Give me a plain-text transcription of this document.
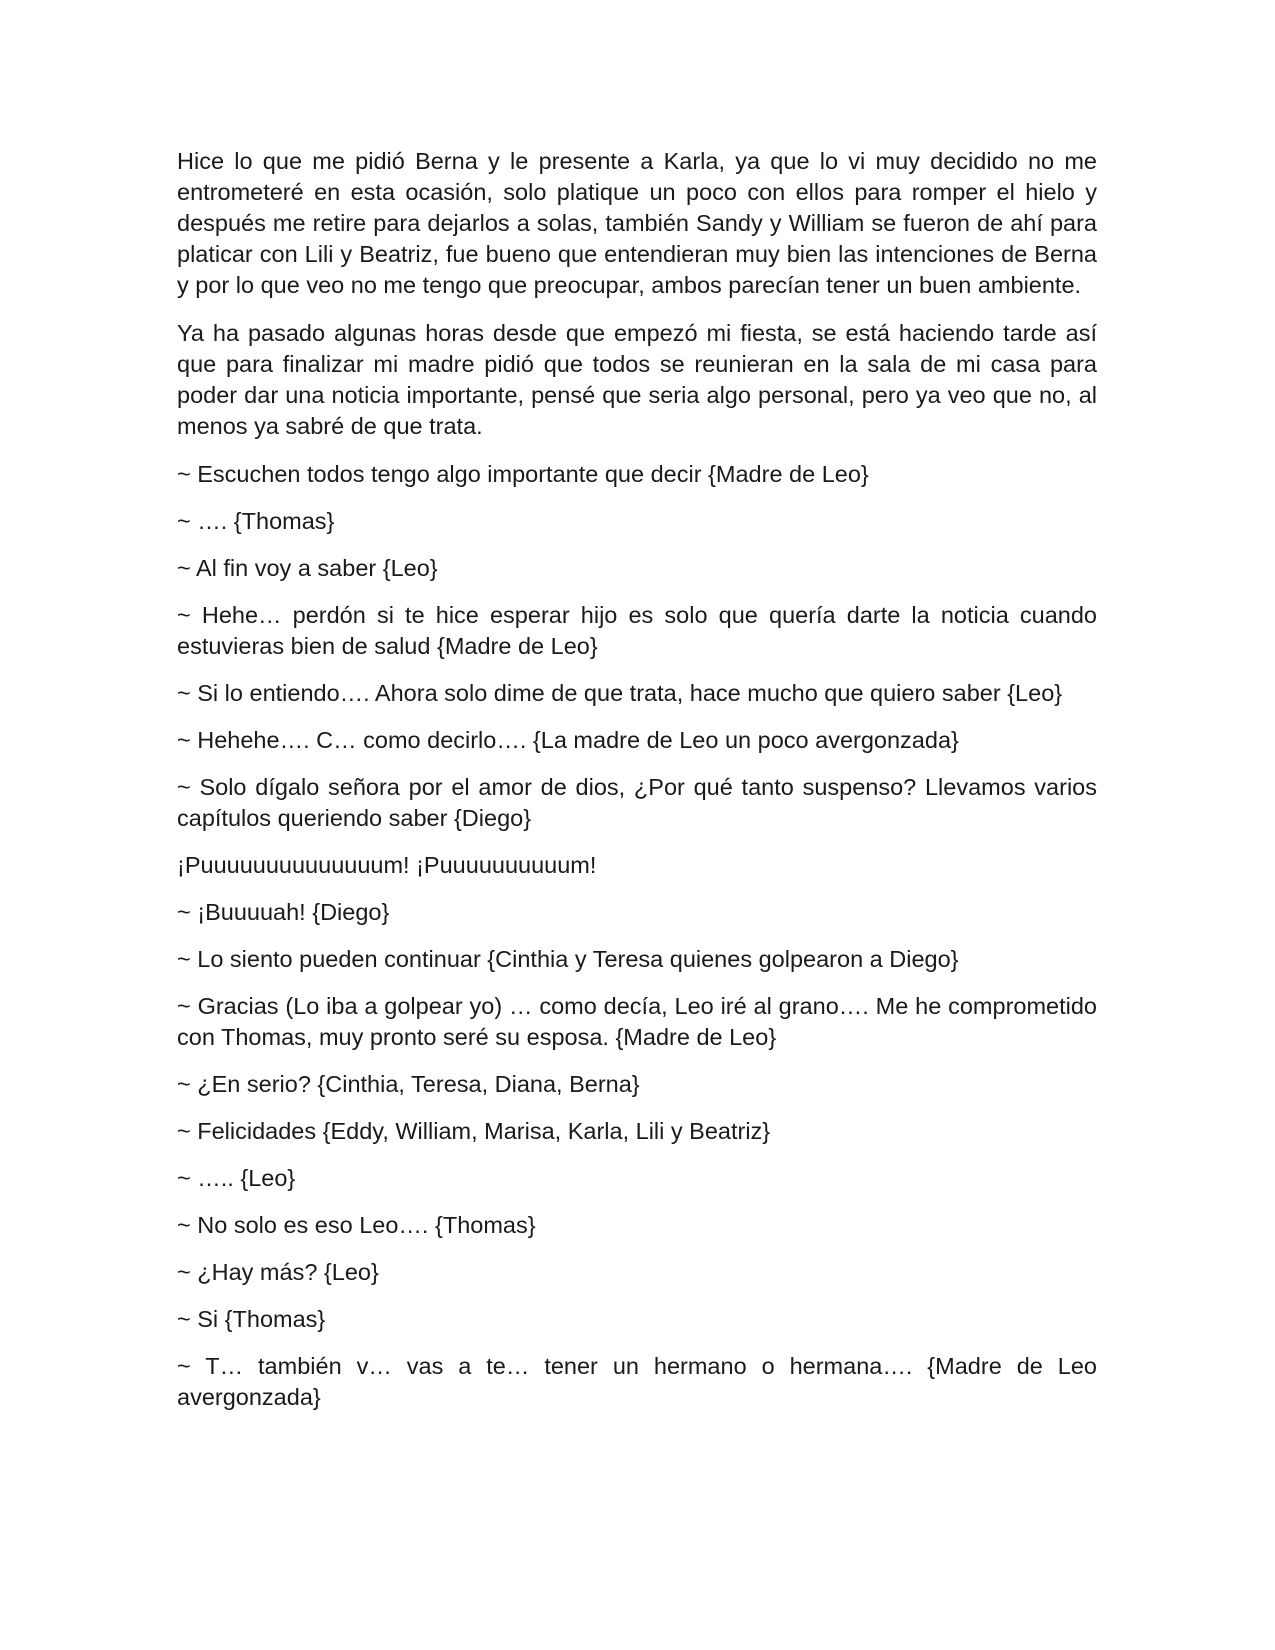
Hice lo que me pidió Berna y le presente a Karla, ya que lo vi muy decidido no me entrometeré en esta ocasión, solo platique un poco con ellos para romper el hielo y después me retire para dejarlos a solas, también Sandy y William se fueron de ahí para platicar con Lili y Beatriz, fue bueno que entendieran muy bien las intenciones de Berna y por lo que veo no me tengo que preocupar, ambos parecían tener un buen ambiente.

Ya ha pasado algunas horas desde que empezó mi fiesta, se está haciendo tarde así que para finalizar mi madre pidió que todos se reunieran en la sala de mi casa para poder dar una noticia importante, pensé que seria algo personal, pero ya veo que no, al menos ya sabré de que trata.

~ Escuchen todos tengo algo importante que decir {Madre de Leo}

~ …. {Thomas}

~ Al fin voy a saber {Leo}

~ Hehe… perdón si te hice esperar hijo es solo que quería darte la noticia cuando estuvieras bien de salud {Madre de Leo}

~ Si lo entiendo…. Ahora solo dime de que trata, hace mucho que quiero saber {Leo}

~ Hehehe…. C… como decirlo…. {La madre de Leo un poco avergonzada}

~ Solo dígalo señora por el amor de dios, ¿Por qué tanto suspenso? Llevamos varios capítulos queriendo saber {Diego}

¡Puuuuuuuuuuuuuum! ¡Puuuuuuuuuum!

~ ¡Buuuuah! {Diego}

~ Lo siento pueden continuar {Cinthia y Teresa quienes golpearon a Diego}

~ Gracias (Lo iba a golpear yo) … como decía, Leo iré al grano…. Me he comprometido con Thomas, muy pronto seré su esposa. {Madre de Leo}

~ ¿En serio? {Cinthia, Teresa, Diana, Berna}

~ Felicidades {Eddy, William, Marisa, Karla, Lili y Beatriz}

~ ….. {Leo}

~ No solo es eso Leo…. {Thomas}

~ ¿Hay más? {Leo}

~ Si {Thomas}

~ T… también v… vas a te… tener un hermano o hermana…. {Madre de Leo avergonzada}
